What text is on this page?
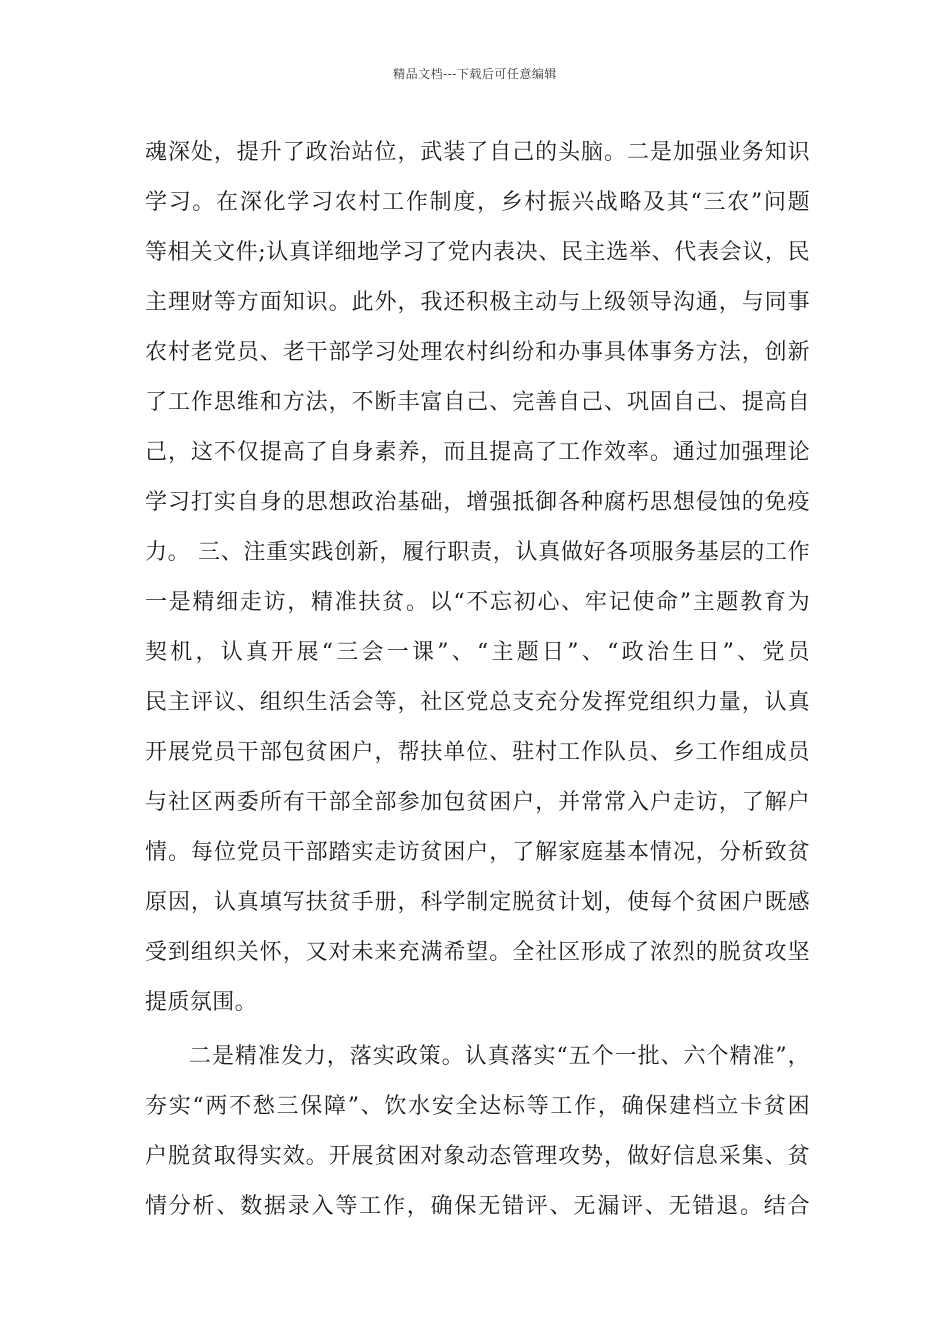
精品文档---下载后可任意编辑
魂深处，提升了政治站位，武装了自己的头脑。二是加强业务知识
学习。在深化学习农村工作制度，乡村振兴战略及其“三农”问题
等相关文件;认真详细地学习了党内表决、民主选举、代表会议，民
主理财等方面知识。此外，我还积极主动与上级领导沟通，与同事
农村老党员、老干部学习处理农村纠纷和办事具体事务方法，创新
了工作思维和方法，不断丰富自己、完善自己、巩固自己、提高自
己，这不仅提高了自身素养，而且提高了工作效率。通过加强理论
学习打实自身的思想政治基础，增强抵御各种腐朽思想侵蚀的免疫
力。 三、注重实践创新，履行职责，认真做好各项服务基层的工作
一是精细走访，精准扶贫。以“不忘初心、牢记使命”主题教育为
契机，认真开展“三会一课”、“主题日”、“政治生日”、党员
民主评议、组织生活会等，社区党总支充分发挥党组织力量，认真
开展党员干部包贫困户，帮扶单位、驻村工作队员、乡工作组成员
与社区两委所有干部全部参加包贫困户，并常常入户走访，了解户
情。每位党员干部踏实走访贫困户，了解家庭基本情况，分析致贫
原因，认真填写扶贫手册，科学制定脱贫计划，使每个贫困户既感
受到组织关怀，又对未来充满希望。全社区形成了浓烈的脱贫攻坚
提质氛围。
二是精准发力，落实政策。认真落实“五个一批、六个精准”，
夯实“两不愁三保障”、饮水安全达标等工作，确保建档立卡贫困
户脱贫取得实效。开展贫困对象动态管理攻势，做好信息采集、贫
情分析、数据录入等工作，确保无错评、无漏评、无错退。结合
